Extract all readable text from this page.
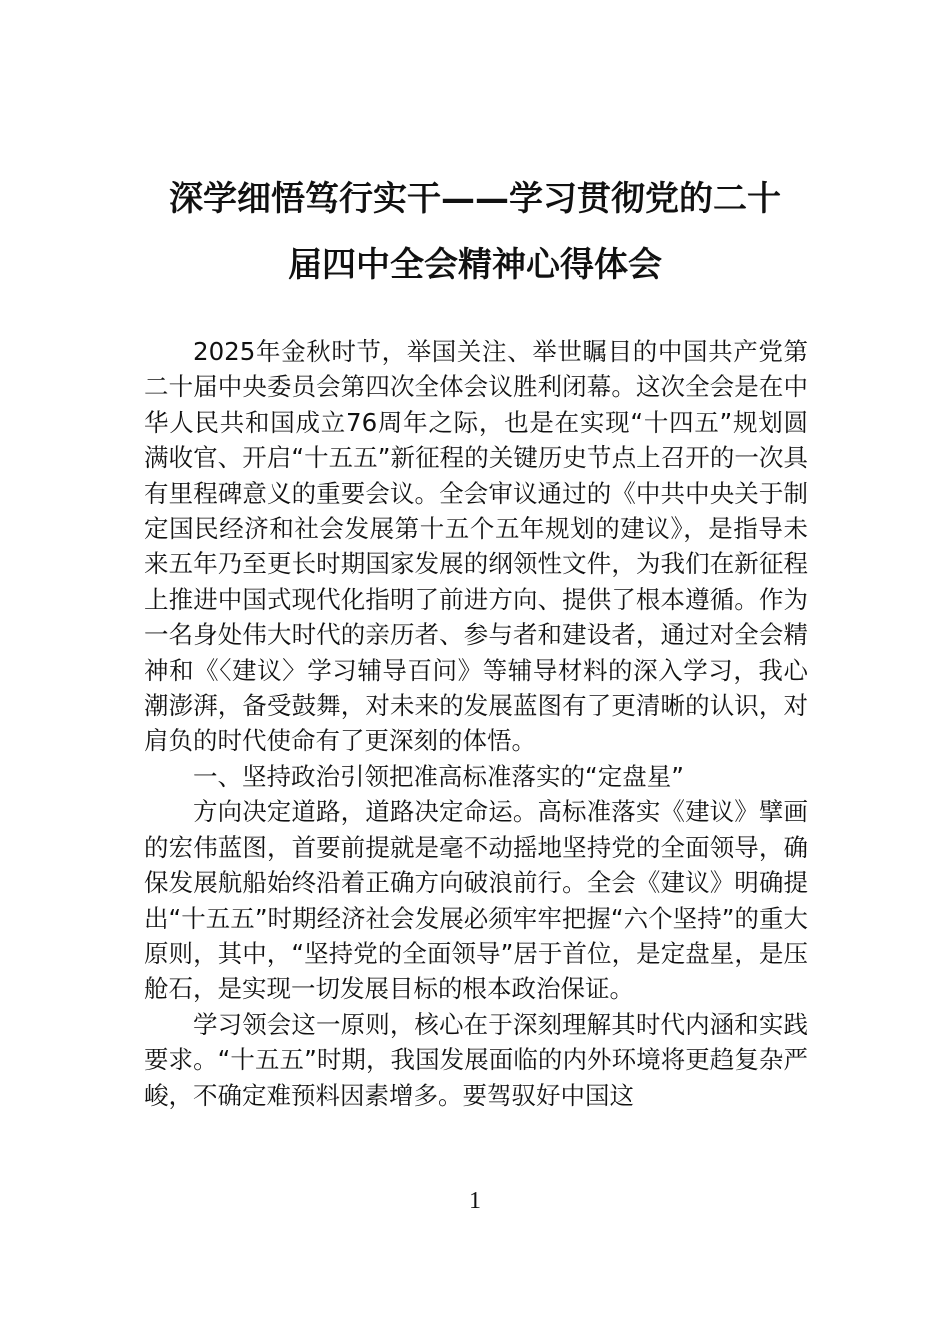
深学细悟笃行实干——学习贯彻党的二十
届四中全会精神心得体会

2025年金秋时节，举国关注、举世瞩目的中国共产党第二十届中央委员会第四次全体会议胜利闭幕。这次全会是在中华人民共和国成立76周年之际，也是在实现“十四五”规划圆满收官、开启“十五五”新征程的关键历史节点上召开的一次具有里程碑意义的重要会议。全会审议通过的《中共中央关于制定国民经济和社会发展第十五个五年规划的建议》，是指导未来五年乃至更长时期国家发展的纲领性文件，为我们在新征程上推进中国式现代化指明了前进方向、提供了根本遵循。作为一名身处伟大时代的亲历者、参与者和建设者，通过对全会精神和《〈建议〉学习辅导百问》等辅导材料的深入学习，我心潮澎湃，备受鼓舞，对未来的发展蓝图有了更清晰的认识，对肩负的时代使命有了更深刻的体悟。

一、坚持政治引领把准高标准落实的“定盘星”

方向决定道路，道路决定命运。高标准落实《建议》擘画的宏伟蓝图，首要前提就是毫不动摇地坚持党的全面领导，确保发展航船始终沿着正确方向破浪前行。全会《建议》明确提出“十五五”时期经济社会发展必须牢牢把握“六个坚持”的重大原则，其中，“坚持党的全面领导”居于首位，是定盘星，是压舱石，是实现一切发展目标的根本政治保证。

学习领会这一原则，核心在于深刻理解其时代内涵和实践要求。“十五五”时期，我国发展面临的内外环境将更趋复杂严峻，不确定难预料因素增多。要驾驭好中国这

1
